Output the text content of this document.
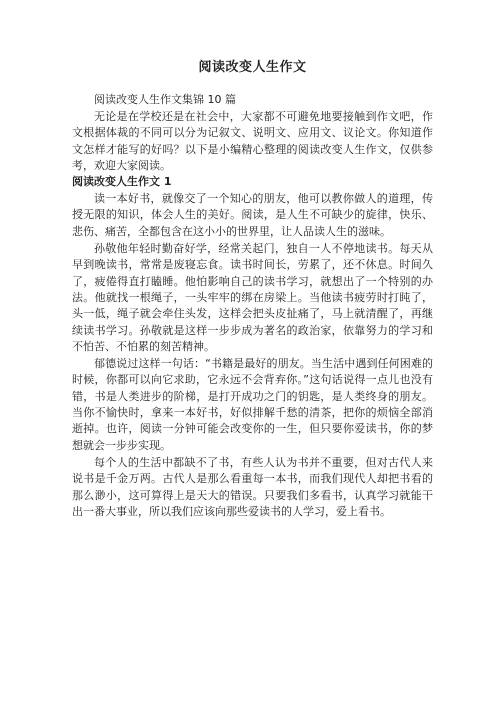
阅读改变人生作文
阅读改变人生作文集锦 10 篇

无论是在学校还是在社会中，大家都不可避免地要接触到作文吧，作文根据体裁的不同可以分为记叙文、说明文、应用文、议论文。你知道作文怎样才能写的好吗？以下是小编精心整理的阅读改变人生作文，仅供参考，欢迎大家阅读。

阅读改变人生作文 1

读一本好书，就像交了一个知心的朋友，他可以教你做人的道理，传授无限的知识，体会人生的美好。阅读，是人生不可缺少的旋律，快乐、悲伤、痛苦，全都包含在这小小的世界里，让人品读人生的滋味。

孙敬他年轻时勤奋好学，经常关起门，独自一人不停地读书。每天从早到晚读书，常常是废寝忘食。读书时间长，劳累了，还不休息。时间久了，疲倦得直打瞌睡。他怕影响自己的读书学习，就想出了一个特别的办法。他就找一根绳子，一头牢牢的绑在房梁上。当他读书疲劳时打盹了，头一低，绳子就会牵住头发，这样会把头皮扯痛了，马上就清醒了，再继续读书学习。孙敬就是这样一步步成为著名的政治家，依靠努力的学习和不怕苦、不怕累的刻苦精神。

郁德说过这样一句话：“书籍是最好的朋友。当生活中遇到任何困难的时候，你都可以向它求助，它永远不会背弃你。”这句话说得一点儿也没有错，书是人类进步的阶梯，是打开成功之门的钥匙，是人类终身的朋友。当你不愉快时，拿来一本好书，好似排解千愁的清茶，把你的烦恼全部消逝掉。也许，阅读一分钟可能会改变你的一生，但只要你爱读书，你的梦想就会一步步实现。

每个人的生活中都缺不了书，有些人认为书并不重要，但对古代人来说书是千金万两。古代人是那么看重每一本书，而我们现代人却把书看的那么渺小，这可算得上是天大的错误。只要我们多看书，认真学习就能干出一番大事业，所以我们应该向那些爱读书的人学习，爱上看书。
